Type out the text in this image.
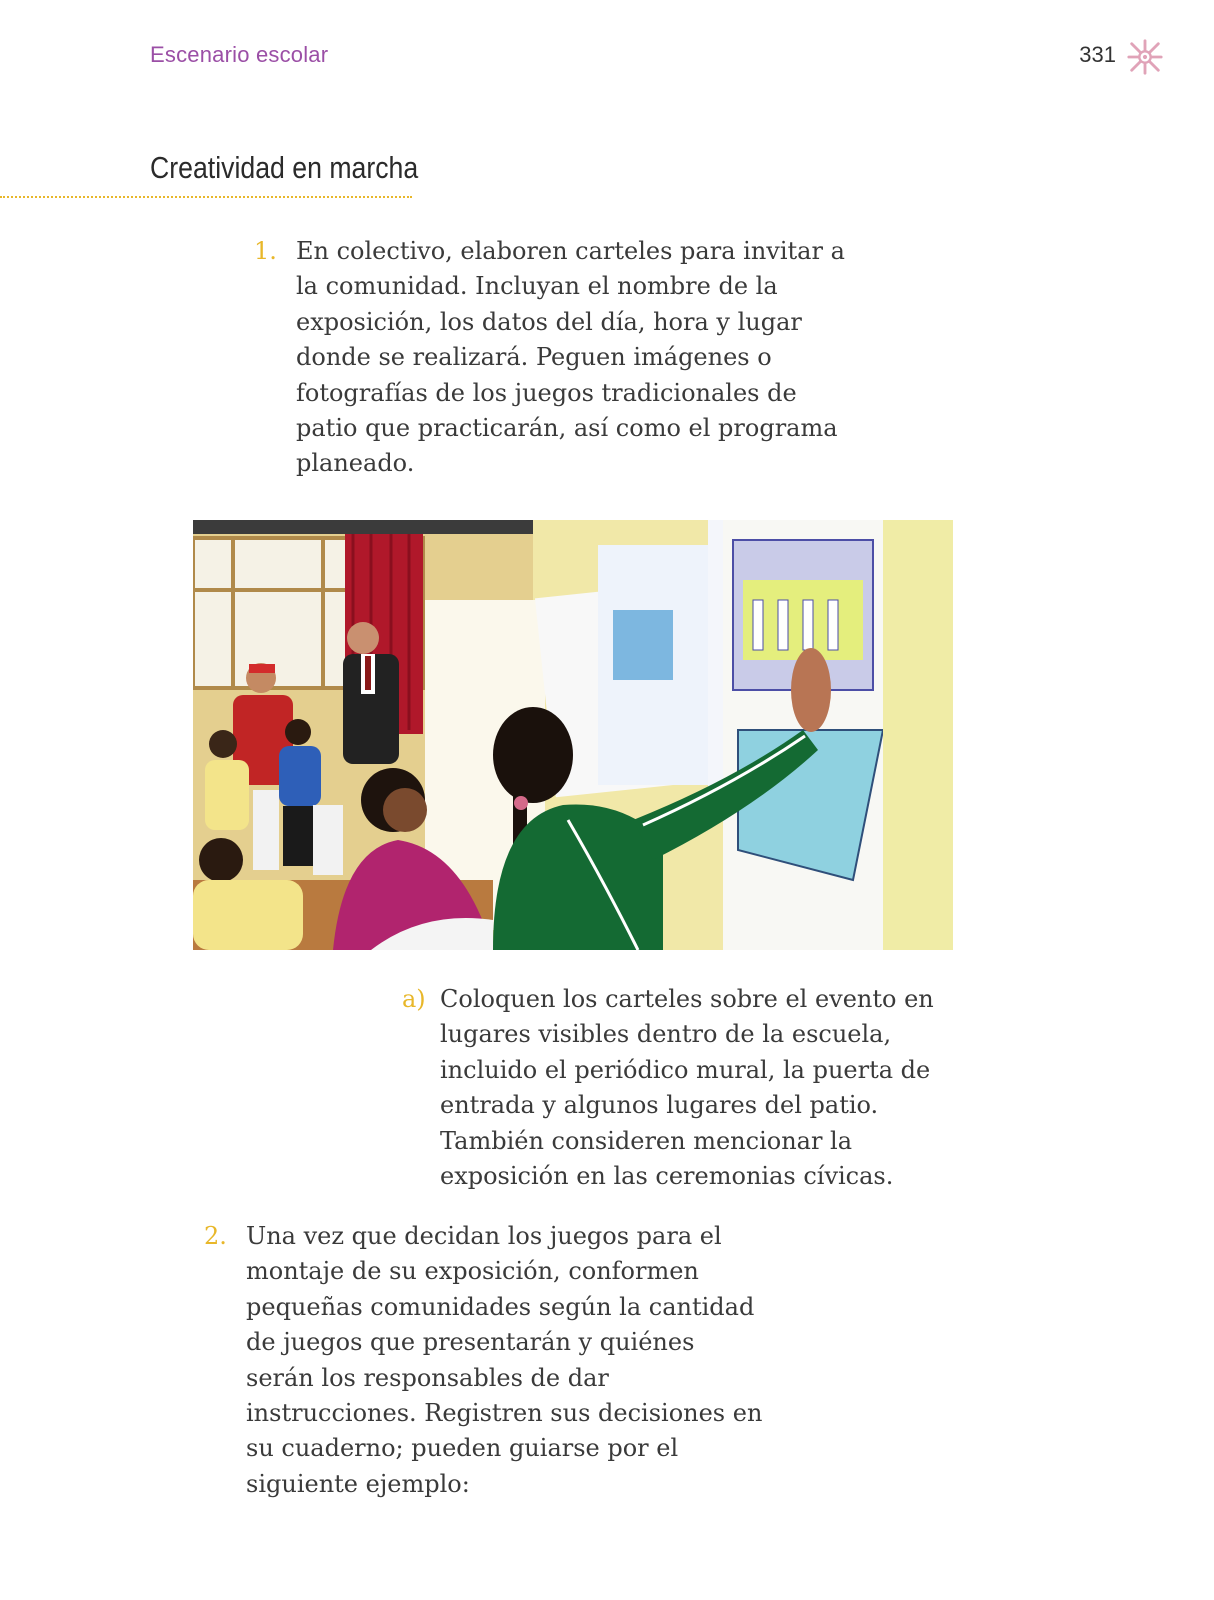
Escenario escolar	331
Creatividad en marcha
1. En colectivo, elaboren carteles para invitar a la comunidad. Incluyan el nombre de la exposición, los datos del día, hora y lugar donde se realizará. Peguen imágenes o fotografías de los juegos tradicionales de patio que practicarán, así como el programa planeado.
a) Coloquen los carteles sobre el evento en lugares visibles dentro de la escuela, incluido el periódico mural, la puerta de entrada y algunos lugares del patio. También consideren mencionar la exposición en las ceremonias cívicas.
2. Una vez que decidan los juegos para el montaje de su exposición, conformen pequeñas comunidades según la cantidad de juegos que presentarán y quiénes serán los responsables de dar instrucciones. Registren sus decisiones en su cuaderno; pueden guiarse por el siguiente ejemplo:
